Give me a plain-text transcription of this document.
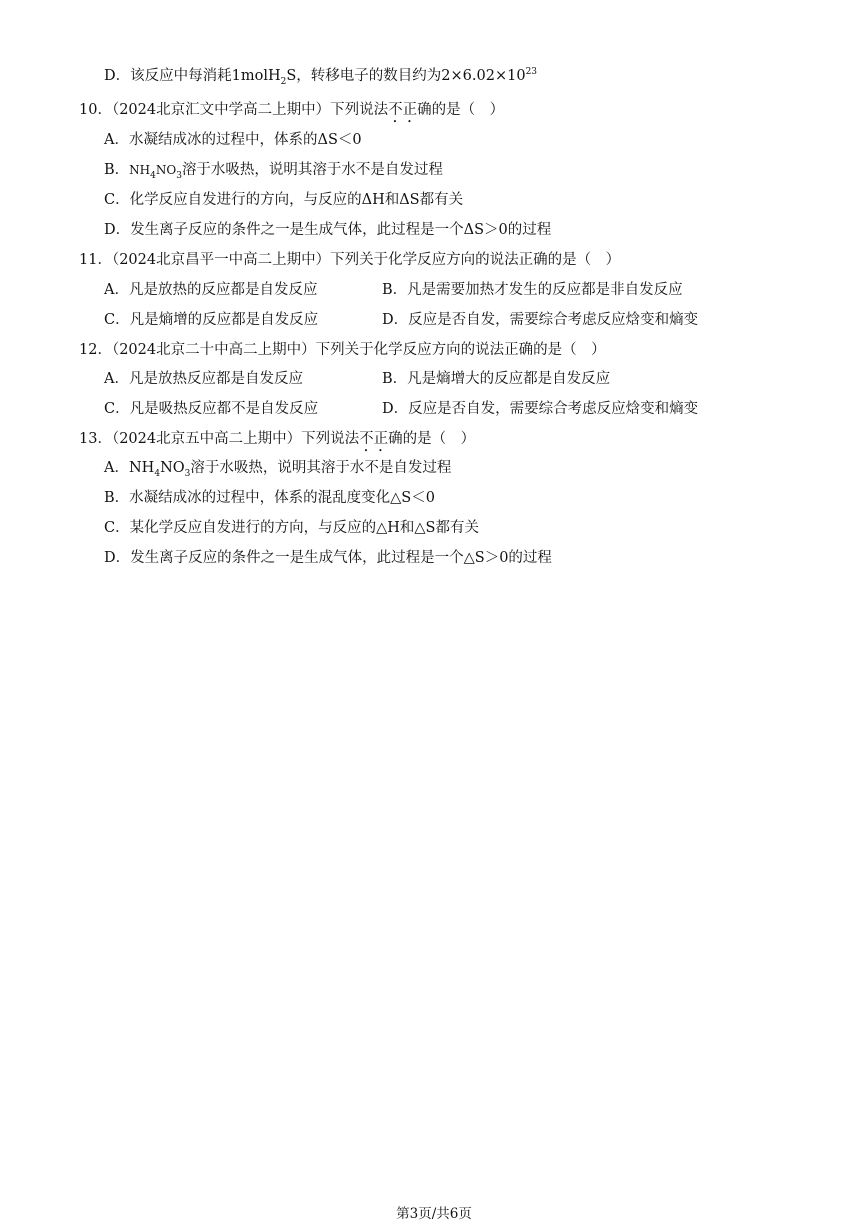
D．该反应中每消耗1molH$_2$S，转移电子的数目约为$2\times 6.02\times 10^{23}$
10．（2024北京汇文中学高二上期中）下列说法不正确的是（　）
A．水凝结成冰的过程中，体系的ΔS＜0
B．$NH_4NO_3$溶于水吸热，说明其溶于水不是自发过程
C．化学反应自发进行的方向，与反应的ΔH和ΔS都有关
D．发生离子反应的条件之一是生成气体，此过程是一个ΔS＞0的过程
11．（2024北京昌平一中高二上期中）下列关于化学反应方向的说法正确的是（　）
A．凡是放热的反应都是自发反应	B．凡是需要加热才发生的反应都是非自发反应
C．凡是熵增的反应都是自发反应	D．反应是否自发，需要综合考虑反应焓变和熵变
12．（2024北京二十中高二上期中）下列关于化学反应方向的说法正确的是（　）
A．凡是放热反应都是自发反应	B．凡是熵增大的反应都是自发反应
C．凡是吸热反应都不是自发反应	D．反应是否自发，需要综合考虑反应焓变和熵变
13．（2024北京五中高二上期中）下列说法不正确的是（　）
A．$NH_4NO_3$溶于水吸热，说明其溶于水不是自发过程
B．水凝结成冰的过程中，体系的混乱度变化△S＜0
C．某化学反应自发进行的方向，与反应的△H和△S都有关
D．发生离子反应的条件之一是生成气体，此过程是一个△S＞0的过程
第3页/共6页
